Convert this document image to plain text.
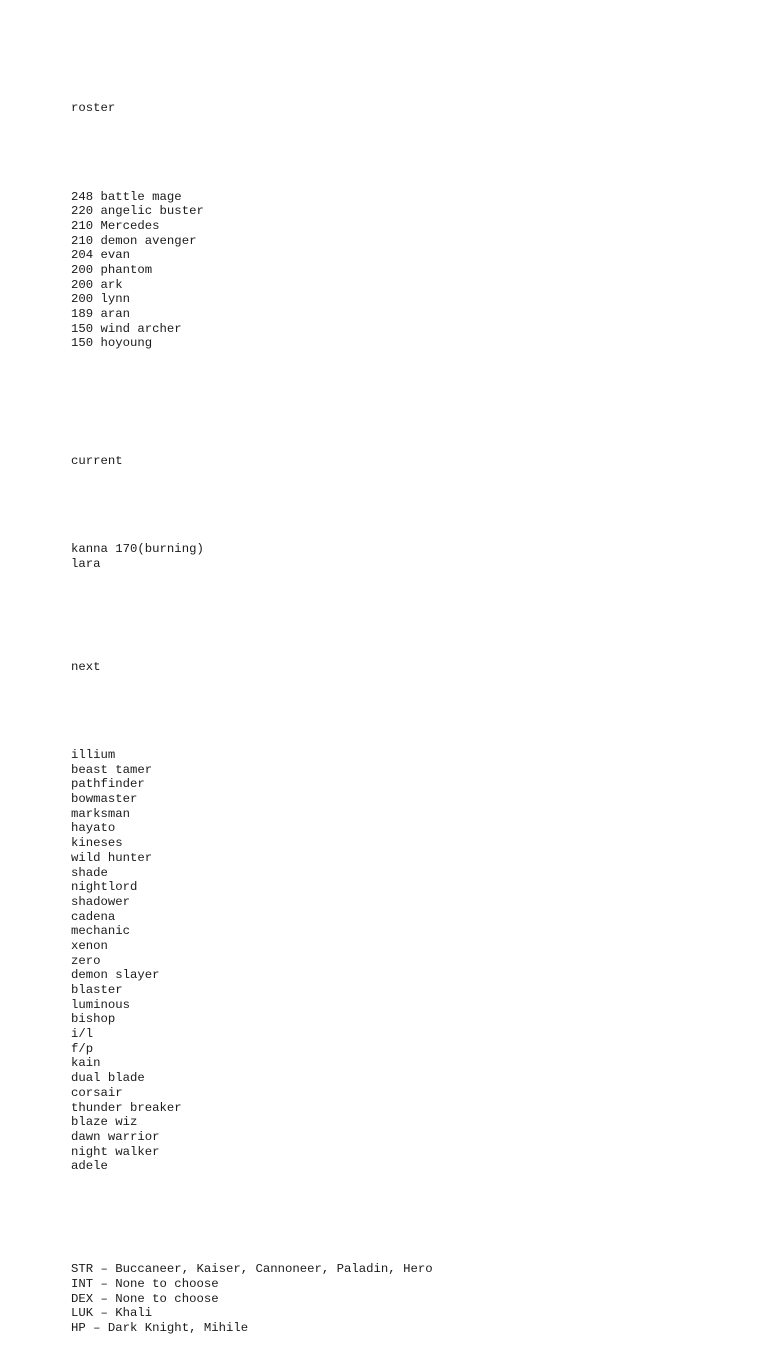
roster

248 battle mage
220 angelic buster
210 Mercedes
210 demon avenger
204 evan
200 phantom
200 ark
200 lynn
189 aran
150 wind archer
150 hoyoung

current

kanna 170(burning)
lara

next

illium
beast tamer
pathfinder
bowmaster
marksman
hayato
kineses
wild hunter
shade
nightlord
shadower
cadena
mechanic
xenon
zero
demon slayer
blaster
luminous
bishop
i/l
f/p
kain
dual blade
corsair
thunder breaker
blaze wiz
dawn warrior
night walker
adele

STR – Buccaneer, Kaiser, Cannoneer, Paladin, Hero
INT – None to choose
DEX – None to choose
LUK – Khali
HP – Dark Knight, Mihile
